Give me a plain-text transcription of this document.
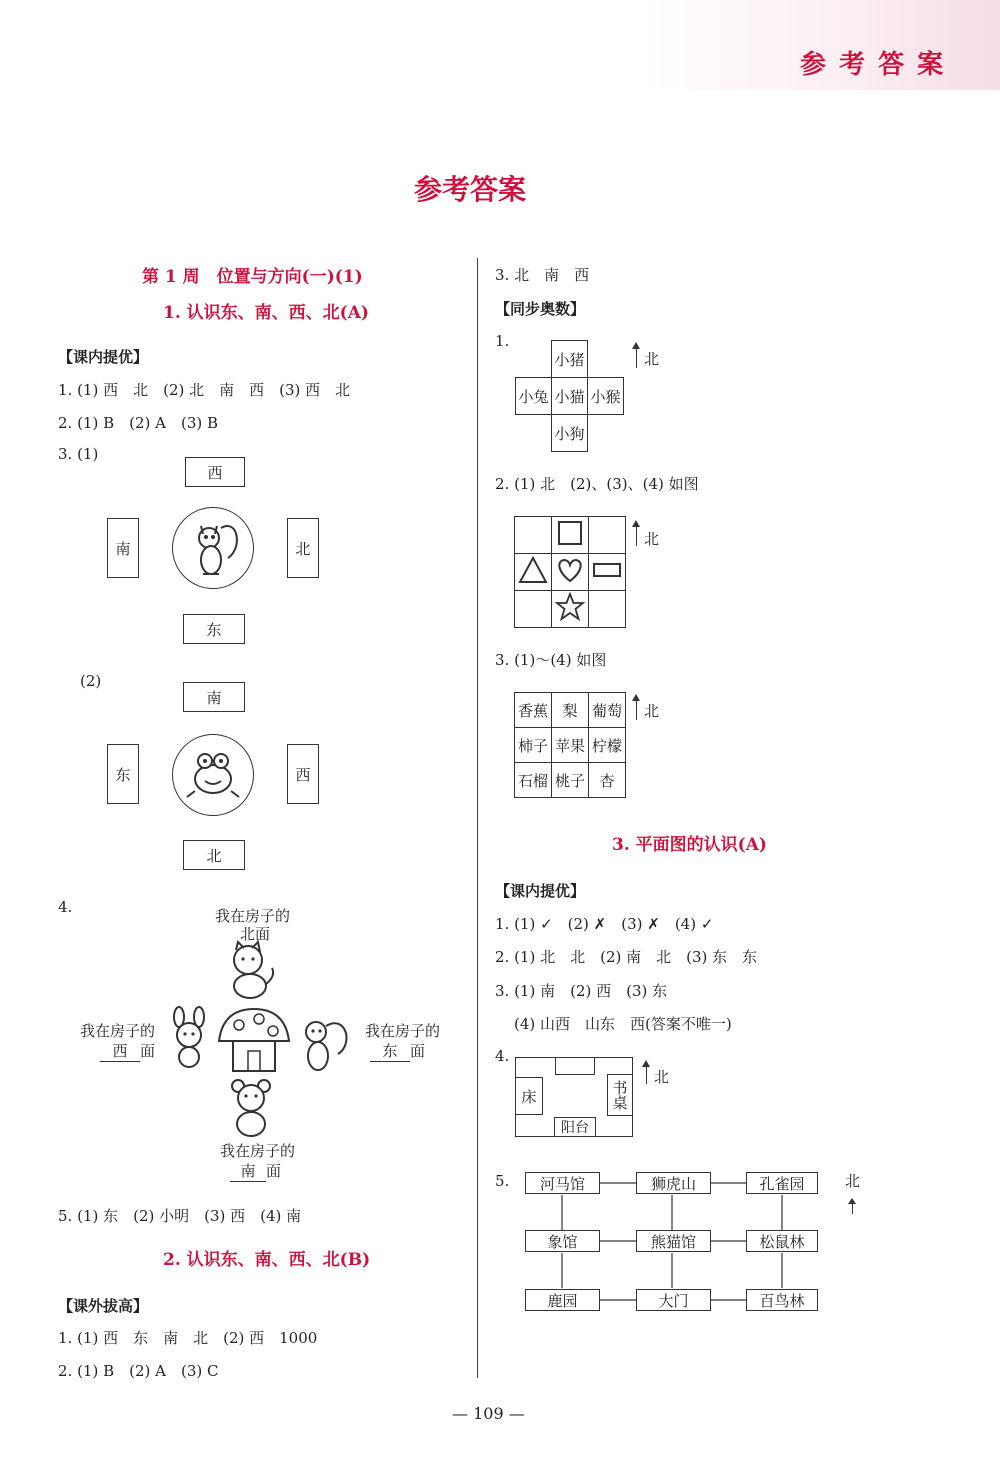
参 考 答 案
参考答案
第 1 周　位置与方向(一)(1)
1. 认识东、南、西、北(A)
【课内提优】
1. (1) 西　北　(2) 北　南　西　(3) 西　北
2. (1) B　(2) A　(3) B
3. (1)
西
南	北
东
(2)
南
东	西
北
4.	我在房子的
北面
我在房子的
西 面
我在房子的
东 面
我在房子的
南 面
5. (1) 东　(2) 小明　(3) 西　(4) 南
2. 认识东、南、西、北(B)
【课外拔高】
1. (1) 西　东　南　北　(2) 西　1000
2. (1) B　(2) A　(3) C
3. 北　南　西
【同步奥数】
1.
小猪
小兔 小猫 小猴
小狗
北
2. (1) 北　(2)、(3)、(4) 如图

北
3. (1)～(4) 如图
香蕉	梨	葡萄
柿子	苹果	柠檬
石榴	桃子	杏
北
3. 平面图的认识(A)
【课内提优】
1. (1) ✓　(2) ✗　(3) ✗　(4) ✓
2. (1) 北　北　(2) 南　北　(3) 东　东
3. (1) 南　(2) 西　(3) 东
(4) 山西　山东　西(答案不唯一)
4.
床	书桌
阳台
北
5.	河马馆	狮虎山	孔雀园
象馆	熊猫馆	松鼠林
鹿园	大门	百鸟林
北
— 109 —
